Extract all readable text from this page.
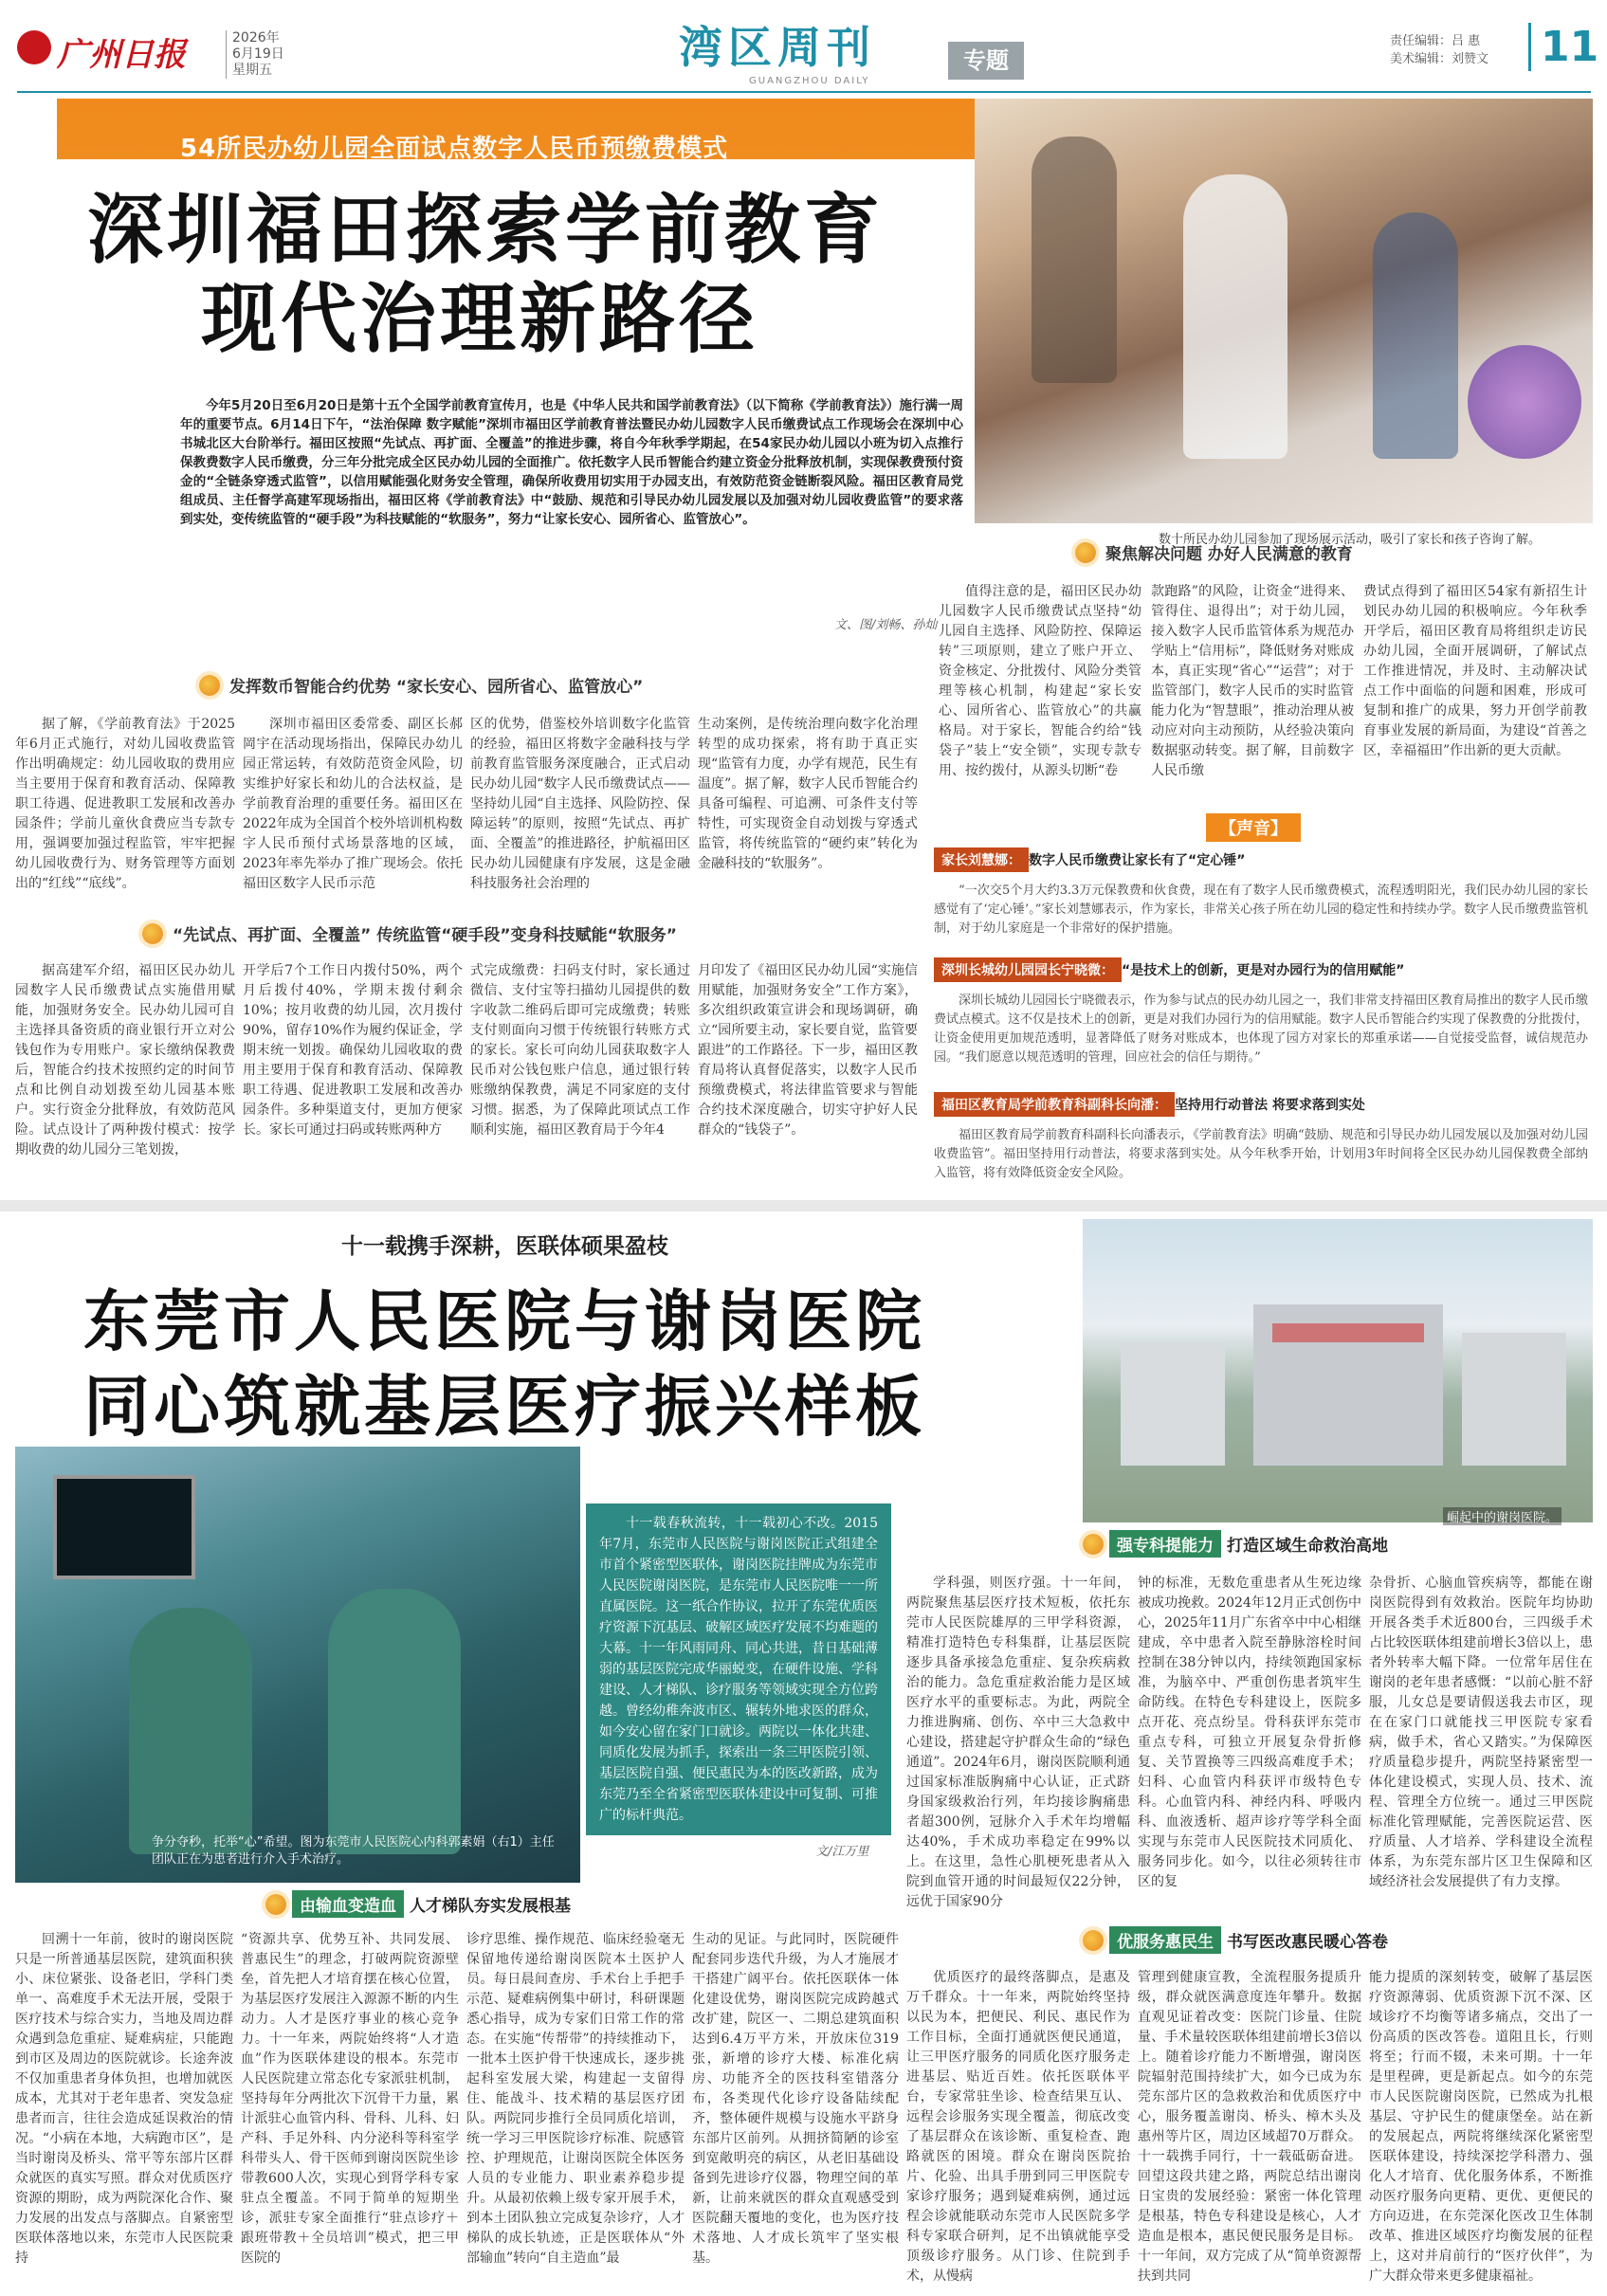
广州日报	2026年
6月19日
星期五	湾区周刊
GUANGZHOU DAILY
专题
责任编辑：吕 惠
美术编辑：刘赞文 11
54所民办幼儿园全面试点数字人民币预缴费模式
深圳福田探索学前教育
现代治理新路径
数十所民办幼儿园参加了现场展示活动，吸引了家长和孩子咨询了解。
今年5月20日至6月20日是第十五个全国学前教育宣传月，也是《中华人民共和国学前教育法》（以下简称《学前教育法》）施行满一周年的重要节点。6月14日下午，“法治保障 数字赋能”深圳市福田区学前教育普法暨民办幼儿园数字人民币缴费试点工作现场会在深圳中心书城北区大台阶举行。福田区按照“先试点、再扩面、全覆盖”的推进步骤，将自今年秋季学期起，在54家民办幼儿园以小班为切入点推行保教费数字人民币缴费，分三年分批完成全区民办幼儿园的全面推广。依托数字人民币智能合约建立资金分批释放机制，实现保教费预付资金的“全链条穿透式监管”，以信用赋能强化财务安全管理，确保所收费用切实用于办园支出，有效防范资金链断裂风险。福田区教育局党组成员、主任督学高建军现场指出，福田区将《学前教育法》中“鼓励、规范和引导民办幼儿园发展以及加强对幼儿园收费监管”的要求落到实处，变传统监管的“硬手段”为科技赋能的“软服务”，努力“让家长安心、园所省心、监管放心”。
文、图/刘畅、孙灿
发挥数币智能合约优势 “家长安心、园所省心、监管放心”
据了解，《学前教育法》于2025年6月正式施行，对幼儿园收费监管作出明确规定：幼儿园收取的费用应当主要用于保育和教育活动、保障教职工待遇、促进教职工发展和改善办园条件；学前儿童伙食费应当专款专用，强调要加强过程监管，牢牢把握幼儿园收费行为、财务管理等方面划出的“红线”“底线”。
深圳市福田区委常委、副区长郝岡宇在活动现场指出，保障民办幼儿园正常运转，有效防范资金风险，切实维护好家长和幼儿的合法权益，是学前教育治理的重要任务。福田区在2022年成为全国首个校外培训机构数字人民币预付式场景落地的区域，2023年率先举办了推广现场会。依托福田区数字人民币示范
区的优势，借鉴校外培训数字化监管的经验，福田区将数字金融科技与学前教育监管服务深度融合，正式启动民办幼儿园“数字人民币缴费试点——坚持幼儿园“自主选择、风险防控、保障运转”的原则，按照“先试点、再扩面、全覆盖”的推进路径，护航福田区民办幼儿园健康有序发展，这是金融科技服务社会治理的
生动案例，是传统治理向数字化治理转型的成功探索，将有助于真正实现“监管有力度，办学有规范，民生有温度”。据了解，数字人民币智能合约具备可编程、可追溯、可条件支付等特性，可实现资金自动划拨与穿透式监管，将传统监管的“硬约束”转化为金融科技的“软服务”。
“先试点、再扩面、全覆盖” 传统监管“硬手段”变身科技赋能“软服务”
据高建军介绍，福田区民办幼儿园数字人民币缴费试点实施借用赋能，加强财务安全。民办幼儿园可自主选择具备资质的商业银行开立对公钱包作为专用账户。家长缴纳保教费后，智能合约技术按照约定的时间节点和比例自动划拨至幼儿园基本账户。实行资金分批释放，有效防范风险。试点设计了两种拨付模式：按学期收费的幼儿园分三笔划拨，
开学后7个工作日内拨付50%，两个月后拨付40%，学期末拨付剩余10%；按月收费的幼儿园，次月拨付90%，留存10%作为履约保证金，学期末统一划拨。确保幼儿园收取的费用主要用于保育和教育活动、保障教职工待遇、促进教职工发展和改善办园条件。多种渠道支付，更加方便家长。家长可通过扫码或转账两种方
式完成缴费：扫码支付时，家长通过微信、支付宝等扫描幼儿园提供的数字收款二维码后即可完成缴费；转账支付则面向习惯于传统银行转账方式的家长。家长可向幼儿园获取数字人民币对公钱包账户信息，通过银行转账缴纳保教费，满足不同家庭的支付习惯。据悉，为了保障此项试点工作顺利实施，福田区教育局于今年4
月印发了《福田区民办幼儿园“实施信用赋能，加强财务安全”工作方案》，多次组织政策宣讲会和现场调研，确立“园所要主动，家长要自觉，监管要跟进”的工作路径。下一步，福田区教育局将认真督促落实，以数字人民币预缴费模式，将法律监管要求与智能合约技术深度融合，切实守护好人民群众的“钱袋子”。
聚焦解决问题 办好人民满意的教育
值得注意的是，福田区民办幼儿园数字人民币缴费试点坚持“幼儿园自主选择、风险防控、保障运转”三项原则，建立了账户开立、资金核定、分批拨付、风险分类管理等核心机制，构建起“家长安心、园所省心、监管放心”的共赢格局。对于家长，智能合约给“钱袋子”装上“安全锁”，实现专款专用、按约拨付，从源头切断“卷
款跑路”的风险，让资金“进得来、管得住、退得出”；对于幼儿园，接入数字人民币监管体系为规范办学贴上“信用标”，降低财务对账成本，真正实现“省心”“运营”；对于监管部门，数字人民币的实时监管能力化为“智慧眼”，推动治理从被动应对向主动预防，从经验决策向数据驱动转变。据了解，目前数字人民币缴
费试点得到了福田区54家有新招生计划民办幼儿园的积极响应。今年秋季开学后，福田区教育局将组织走访民办幼儿园，全面开展调研，了解试点工作推进情况，并及时、主动解决试点工作中面临的问题和困难，形成可复制和推广的成果，努力开创学前教育事业发展的新局面，为建设“首善之区，幸福福田”作出新的更大贡献。
【声音】
家长刘慧娜： 数字人民币缴费让家长有了“定心锤”
“一次交5个月大约3.3万元保教费和伙食费，现在有了数字人民币缴费模式，流程透明阳光，我们民办幼儿园的家长感觉有了‘定心锤’。”家长刘慧娜表示，作为家长，非常关心孩子所在幼儿园的稳定性和持续办学。数字人民币缴费监管机制，对于幼儿家庭是一个非常好的保护措施。
深圳长城幼儿园园长宁晓微： “是技术上的创新，更是对办园行为的信用赋能”
深圳长城幼儿园园长宁晓微表示，作为参与试点的民办幼儿园之一，我们非常支持福田区教育局推出的数字人民币缴费试点模式。这不仅是技术上的创新，更是对我们办园行为的信用赋能。数字人民币智能合约实现了保教费的分批拨付，让资金使用更加规范透明，显著降低了财务对账成本，也体现了园方对家长的郑重承诺——自觉接受监督，诚信规范办园。“我们愿意以规范透明的管理，回应社会的信任与期待。”
福田区教育局学前教育科副科长向潘： 坚持用行动普法 将要求落到实处
福田区教育局学前教育科副科长向潘表示，《学前教育法》明确“鼓励、规范和引导民办幼儿园发展以及加强对幼儿园收费监管”。福田坚持用行动普法，将要求落到实处。从今年秋季开始，计划用3年时间将全区民办幼儿园保教费全部纳入监管，将有效降低资金安全风险。
十一载携手深耕，医联体硕果盈枝
东莞市人民医院与谢岗医院
同心筑就基层医疗振兴样板
崛起中的谢岗医院。
争分夺秒，托举“心”希望。图为东莞市人民医院心内科郭素娟（右1）主任团队正在为患者进行介入手术治疗。
十一载春秋流转，十一载初心不改。2015年7月，东莞市人民医院与谢岗医院正式组建全市首个紧密型医联体，谢岗医院挂牌成为东莞市人民医院谢岗医院，是东莞市人民医院唯一一所直属医院。这一纸合作协议，拉开了东莞优质医疗资源下沉基层、破解区域医疗发展不均难题的大幕。十一年风雨同舟、同心共进，昔日基础薄弱的基层医院完成华丽蜕变，在硬件设施、学科建设、人才梯队、诊疗服务等领域实现全方位跨越。曾经幼稚奔波市区、辗转外地求医的群众，如今安心留在家门口就诊。两院以一体化共建、同质化发展为抓手，探索出一条三甲医院引领、基层医院自强、便民惠民为本的医改新路，成为东莞乃至全省紧密型医联体建设中可复制、可推广的标杆典范。
文/江万里
强专科提能力 打造区域生命救治高地
学科强，则医疗强。十一年间，两院聚焦基层医疗技术短板，依托东莞市人民医院雄厚的三甲学科资源，精准打造特色专科集群，让基层医院逐步具备承接急危重症、复杂疾病救治的能力。急危重症救治能力是区域医疗水平的重要标志。为此，两院全力推进胸痛、创伤、卒中三大急救中心建设，搭建起守护群众生命的“绿色通道”。2024年6月，谢岗医院顺利通过国家标准版胸痛中心认证，正式跻身国家级救治行列，年均接诊胸痛患者超300例，冠脉介入手术年均增幅达40%，手术成功率稳定在99%以上。在这里，急性心肌梗死患者从入院到血管开通的时间最短仅22分钟，远优于国家90分
钟的标准，无数危重患者从生死边缘被成功挽救。2024年12月正式创伤中心，2025年11月广东省卒中中心相继建成，卒中患者入院至静脉溶栓时间控制在38分钟以内，持续领跑国家标准，为脑卒中、严重创伤患者筑牢生命防线。在特色专科建设上，医院多点开花、亮点纷呈。骨科获评东莞市重点专科，可独立开展复杂骨折修复、关节置换等三四级高难度手术；妇科、心血管内科获评市级特色专科。心血管内科、神经内科、呼吸内科、血液透析、超声诊疗等学科全面实现与东莞市人民医院技术同质化、服务同步化。如今，以往必须转往市区的复
杂骨折、心脑血管疾病等，都能在谢岗医院得到有效救治。医院年均协助开展各类手术近800台，三四级手术占比较医联体组建前增长3倍以上，患者外转率大幅下降。一位常年居住在谢岗的老年患者感慨：“以前心脏不舒服，儿女总是要请假送我去市区，现在在家门口就能找三甲医院专家看病，做手术，省心又踏实。”为保障医疗质量稳步提升，两院坚持紧密型一体化建设模式，实现人员、技术、流程、管理全方位统一。通过三甲医院标准化管理赋能，完善医院运营、医疗质量、人才培养、学科建设全流程体系，为东莞东部片区卫生保障和区域经济社会发展提供了有力支撑。
由输血变造血 人才梯队夯实发展根基
回溯十一年前，彼时的谢岗医院只是一所普通基层医院，建筑面积狭小、床位紧张、设备老旧，学科门类单一、高难度手术无法开展，受限于医疗技术与综合实力，当地及周边群众遇到急危重症、疑难病症，只能跑到市区及周边的医院就诊。长途奔波不仅加重患者身体负担，也增加就医成本，尤其对于老年患者、突发急症患者而言，往往会造成延误救治的情况。“小病在本地，大病跑市区”，是当时谢岗及桥头、常平等东部片区群众就医的真实写照。群众对优质医疗资源的期盼，成为两院深化合作、聚力发展的出发点与落脚点。自紧密型医联体落地以来，东莞市人民医院秉持
“资源共享、优势互补、共同发展、普惠民生”的理念，打破两院资源壁垒，首先把人才培育摆在核心位置，为基层医疗发展注入源源不断的内生动力。人才是医疗事业的核心竞争力。十一年来，两院始终将“人才造血”作为医联体建设的根本。东莞市人民医院建立常态化专家派驻机制，坚持每年分两批次下沉骨干力量，累计派驻心血管内科、骨科、儿科、妇产科、手足外科、内分泌科等科室学科带头人、骨干医师到谢岗医院坐诊带教600人次，实现心到肾学科专家驻点全覆盖。不同于简单的短期坐诊，派驻专家全面推行“驻点诊疗＋跟班带教＋全员培训”模式，把三甲医院的
诊疗思维、操作规范、临床经验毫无保留地传递给谢岗医院本土医护人员。每日晨间查房、手术台上手把手示范、疑难病例集中研讨，科研课题悉心指导，成为专家们日常工作的常态。在实施“传帮带”的持续推动下，一批本土医护骨干快速成长，逐步挑起科室发展大梁，构建起一支留得住、能战斗、技术精的基层医疗团队。两院同步推行全员同质化培训，统一学习三甲医院诊疗标准、院感管控、护理规范，让谢岗医院全体医务人员的专业能力、职业素养稳步提升。从最初依赖上级专家开展手术，到本土团队独立完成复杂诊疗，人才梯队的成长轨迹，正是医联体从“外部输血”转向“自主造血”最
生动的见证。与此同时，医院硬件配套同步迭代升级，为人才施展才干搭建广阔平台。依托医联体一体化建设优势，谢岗医院完成跨越式改扩建，院区一、二期总建筑面积达到6.4万平方米，开放床位319张，新增的诊疗大楼、标准化病房、功能齐全的医技科室错落分布，各类现代化诊疗设备陆续配齐，整体硬件规模与设施水平跻身东部片区前列。从拥挤简陋的诊室到宽敞明亮的病区，从老旧基础设备到先进诊疗仪器，物理空间的革新，让前来就医的群众直观感受到医院翻天覆地的变化，也为医疗技术落地、人才成长筑牢了坚实根基。
优服务惠民生 书写医改惠民暖心答卷
优质医疗的最终落脚点，是惠及万千群众。十一年来，两院始终坚持以民为本，把便民、利民、惠民作为工作目标，全面打通就医便民通道，让三甲医疗服务的同质化医疗服务走进基层、贴近百姓。依托医联体平台，专家常驻坐诊、检查结果互认、远程会诊服务实现全覆盖，彻底改变了基层群众在该诊断、重复检查、跑路就医的困境。群众在谢岗医院抬片、化验、出具手册到同三甲医院专家诊疗服务；遇到疑难病例，通过远程会诊就能联动东莞市人民医院多学科专家联合研判，足不出镇就能享受顶级诊疗服务。从门诊、住院到手术，从慢病
管理到健康宣教，全流程服务提质升级，群众就医满意度连年攀升。数据直观见证着改变：医院门诊量、住院量、手术量较医联体组建前增长3倍以上。随着诊疗能力不断增强，谢岗医院辐射范围持续扩大，如今已成为东莞东部片区的急救救治和优质医疗中心，服务覆盖谢岗、桥头、樟木头及惠州等片区，周边区域超70万群众。十一载携手同行，十一载砥砺奋进。回望这段共建之路，两院总结出谢岗日宝贵的发展经验：紧密一体化管理是根基，特色专科建设是核心，人才造血是根本，惠民便民服务是目标。十一年间，双方完成了从“简单资源帮扶到共同
能力提质的深刻转变，破解了基层医疗资源薄弱、优质资源下沉不深、区域诊疗不均衡等诸多痛点，交出了一份高质的医改答卷。道阻且长，行则将至；行而不辍，未来可期。十一年是里程碑，更是新起点。如今的东莞市人民医院谢岗医院，已然成为扎根基层、守护民生的健康堡垒。站在新的发展起点，两院将继续深化紧密型医联体建设，持续深挖学科潜力、强化人才培育、优化服务体系，不断推动医疗服务向更精、更优、更便民的方向迈进，在东莞深化医改卫生体制改革、推进区域医疗均衡发展的征程上，这对并肩前行的“医疗伙伴”，为广大群众带来更多健康福祉。
